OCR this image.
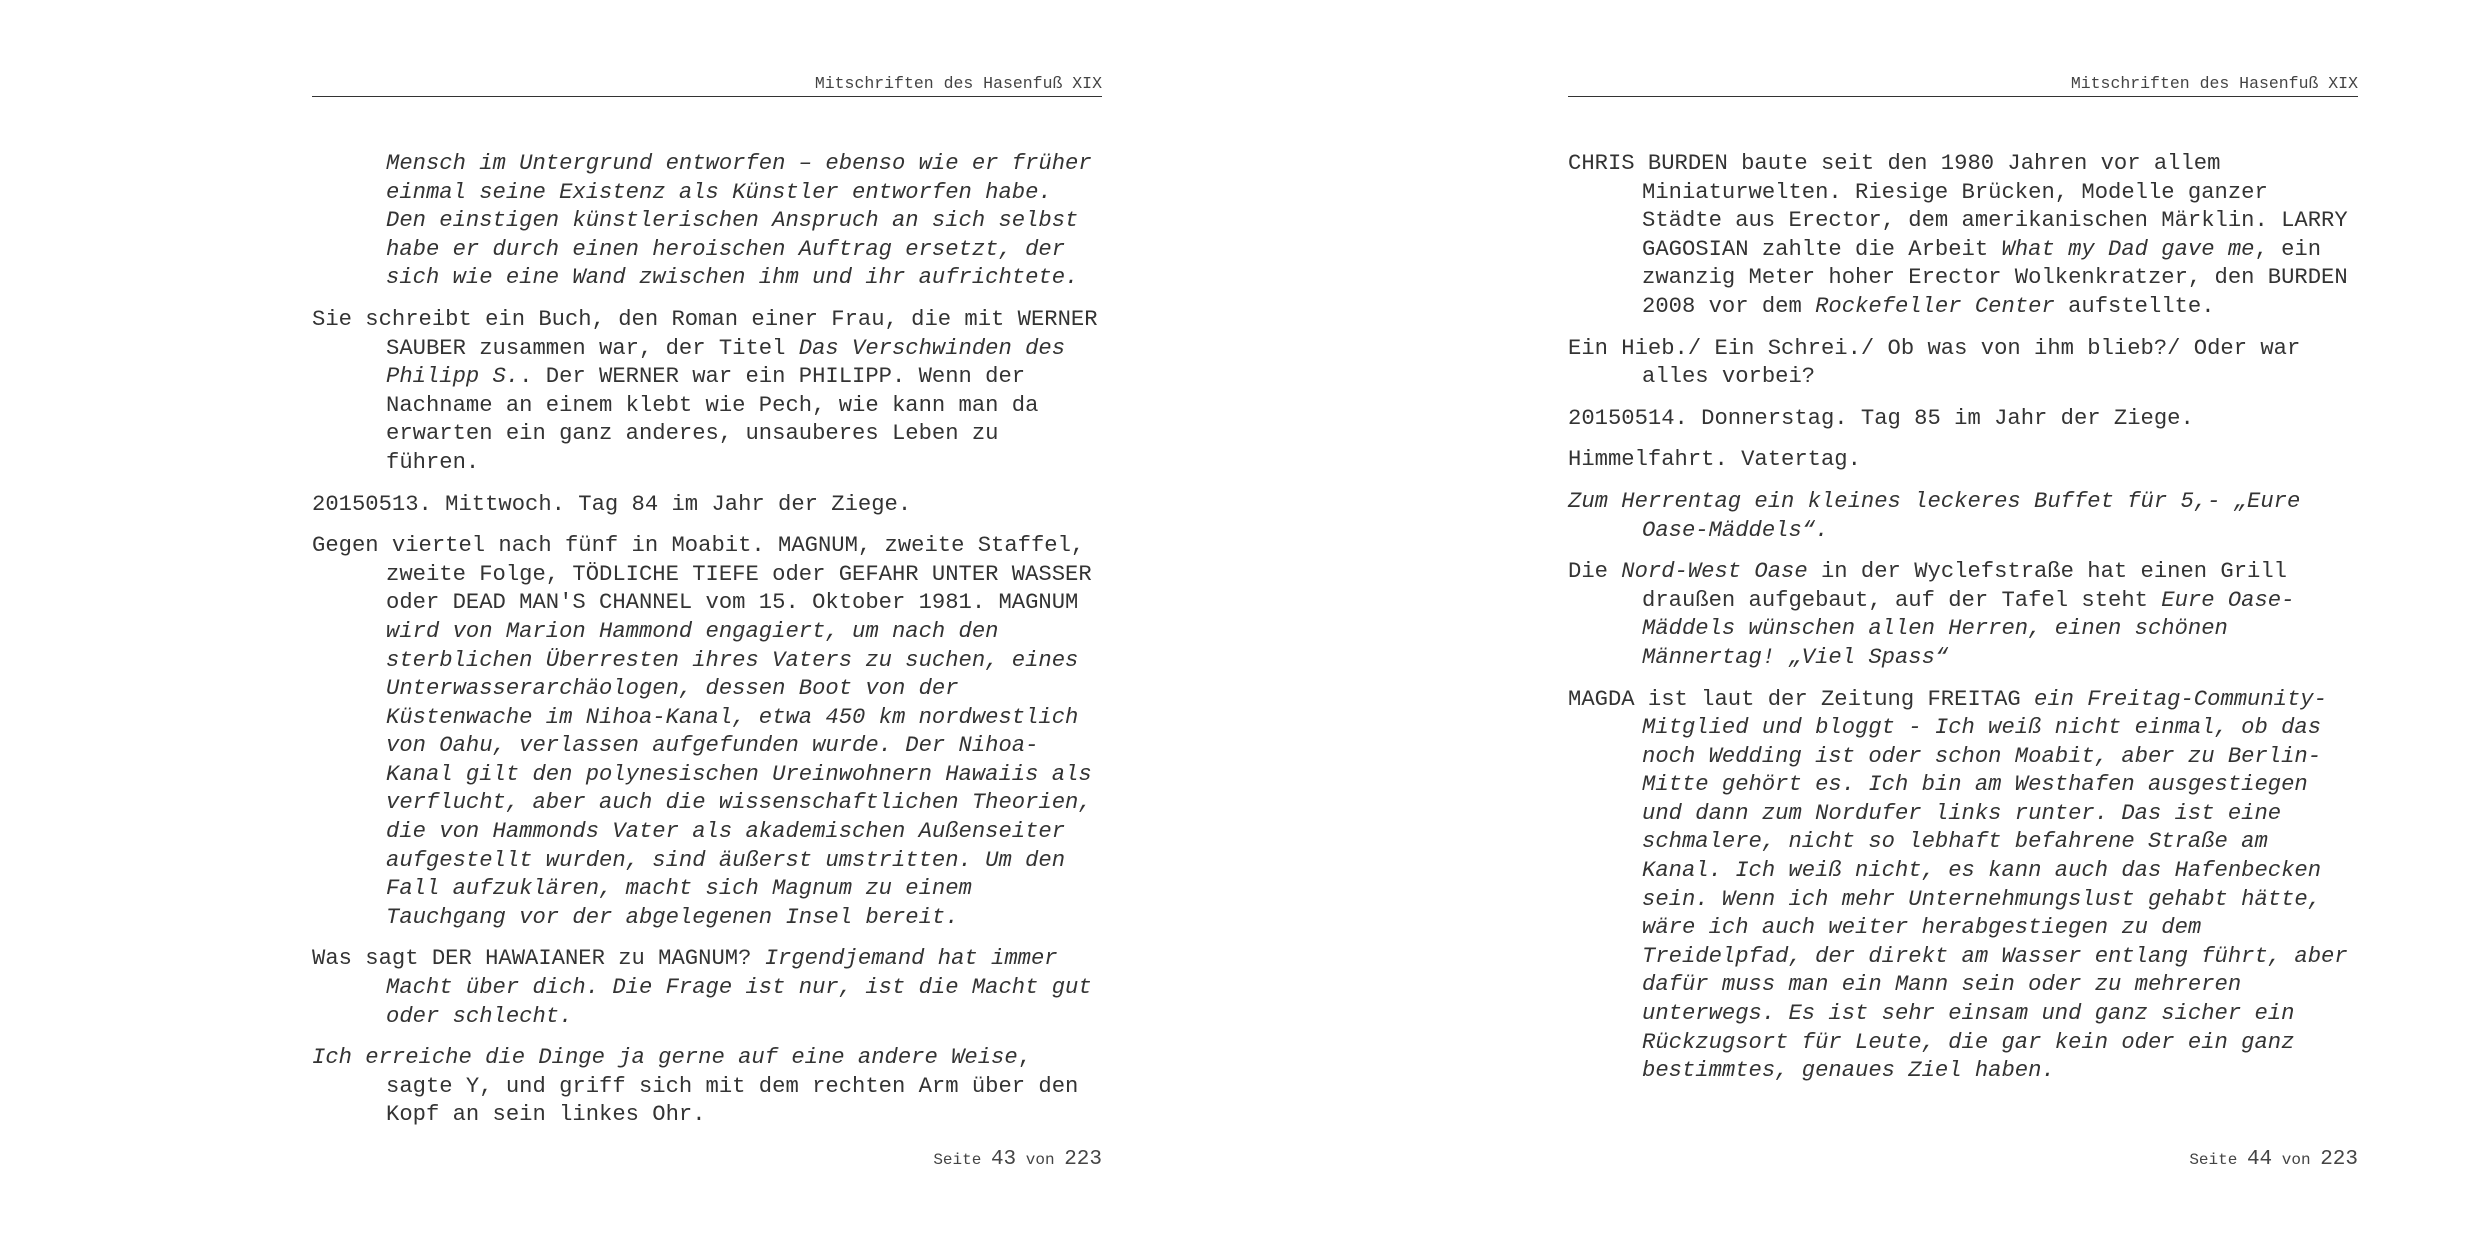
Mitschriften des Hasenfuß XIX

Mensch im Untergrund entworfen – ebenso wie er früher einmal seine Existenz als Künstler entworfen habe. Den einstigen künstlerischen Anspruch an sich selbst habe er durch einen heroischen Auftrag ersetzt, der sich wie eine Wand zwischen ihm und ihr aufrichtete.

Sie schreibt ein Buch, den Roman einer Frau, die mit WERNER SAUBER zusammen war, der Titel Das Verschwinden des Philipp S.. Der WERNER war ein PHILIPP. Wenn der Nachname an einem klebt wie Pech, wie kann man da erwarten ein ganz anderes, unsauberes Leben zu führen.

20150513. Mittwoch. Tag 84 im Jahr der Ziege.

Gegen viertel nach fünf in Moabit. MAGNUM, zweite Staffel, zweite Folge, TÖDLICHE TIEFE oder GEFAHR UNTER WASSER oder DEAD MAN'S CHANNEL vom 15. Oktober 1981. MAGNUM wird von Marion Hammond engagiert, um nach den sterblichen Überresten ihres Vaters zu suchen, eines Unterwasserarchäologen, dessen Boot von der Küstenwache im Nihoa-Kanal, etwa 450 km nordwestlich von Oahu, verlassen aufgefunden wurde. Der Nihoa-Kanal gilt den polynesischen Ureinwohnern Hawaiis als verflucht, aber auch die wissenschaftlichen Theorien, die von Hammonds Vater als akademischen Außenseiter aufgestellt wurden, sind äußerst umstritten. Um den Fall aufzuklären, macht sich Magnum zu einem Tauchgang vor der abgelegenen Insel bereit.

Was sagt DER HAWAIANER zu MAGNUM? Irgendjemand hat immer Macht über dich. Die Frage ist nur, ist die Macht gut oder schlecht.

Ich erreiche die Dinge ja gerne auf eine andere Weise, sagte Y, und griff sich mit dem rechten Arm über den Kopf an sein linkes Ohr.

Seite 43 von 223
Mitschriften des Hasenfuß XIX

CHRIS BURDEN baute seit den 1980 Jahren vor allem Miniaturwelten. Riesige Brücken, Modelle ganzer Städte aus Erector, dem amerikanischen Märklin. LARRY GAGOSIAN zahlte die Arbeit What my Dad gave me, ein zwanzig Meter hoher Erector Wolkenkratzer, den BURDEN 2008 vor dem Rockefeller Center aufstellte.

Ein Hieb./ Ein Schrei./ Ob was von ihm blieb?/ Oder war alles vorbei?

20150514. Donnerstag. Tag 85 im Jahr der Ziege.

Himmelfahrt. Vatertag.

Zum Herrentag ein kleines leckeres Buffet für 5,- „Eure Oase-Mäddels“.

Die Nord-West Oase in der Wyclefstraße hat einen Grill draußen aufgebaut, auf der Tafel steht Eure Oase-Mäddels wünschen allen Herren, einen schönen Männertag! „Viel Spass“

MAGDA ist laut der Zeitung FREITAG ein Freitag-Community-Mitglied und bloggt - Ich weiß nicht einmal, ob das noch Wedding ist oder schon Moabit, aber zu Berlin-Mitte gehört es. Ich bin am Westhafen ausgestiegen und dann zum Nordufer links runter. Das ist eine schmalere, nicht so lebhaft befahrene Straße am Kanal. Ich weiß nicht, es kann auch das Hafenbecken sein. Wenn ich mehr Unternehmungslust gehabt hätte, wäre ich auch weiter herabgestiegen zu dem Treidelpfad, der direkt am Wasser entlang führt, aber dafür muss man ein Mann sein oder zu mehreren unterwegs. Es ist sehr einsam und ganz sicher ein Rückzugsort für Leute, die gar kein oder ein ganz bestimmtes, genaues Ziel haben.

Seite 44 von 223
